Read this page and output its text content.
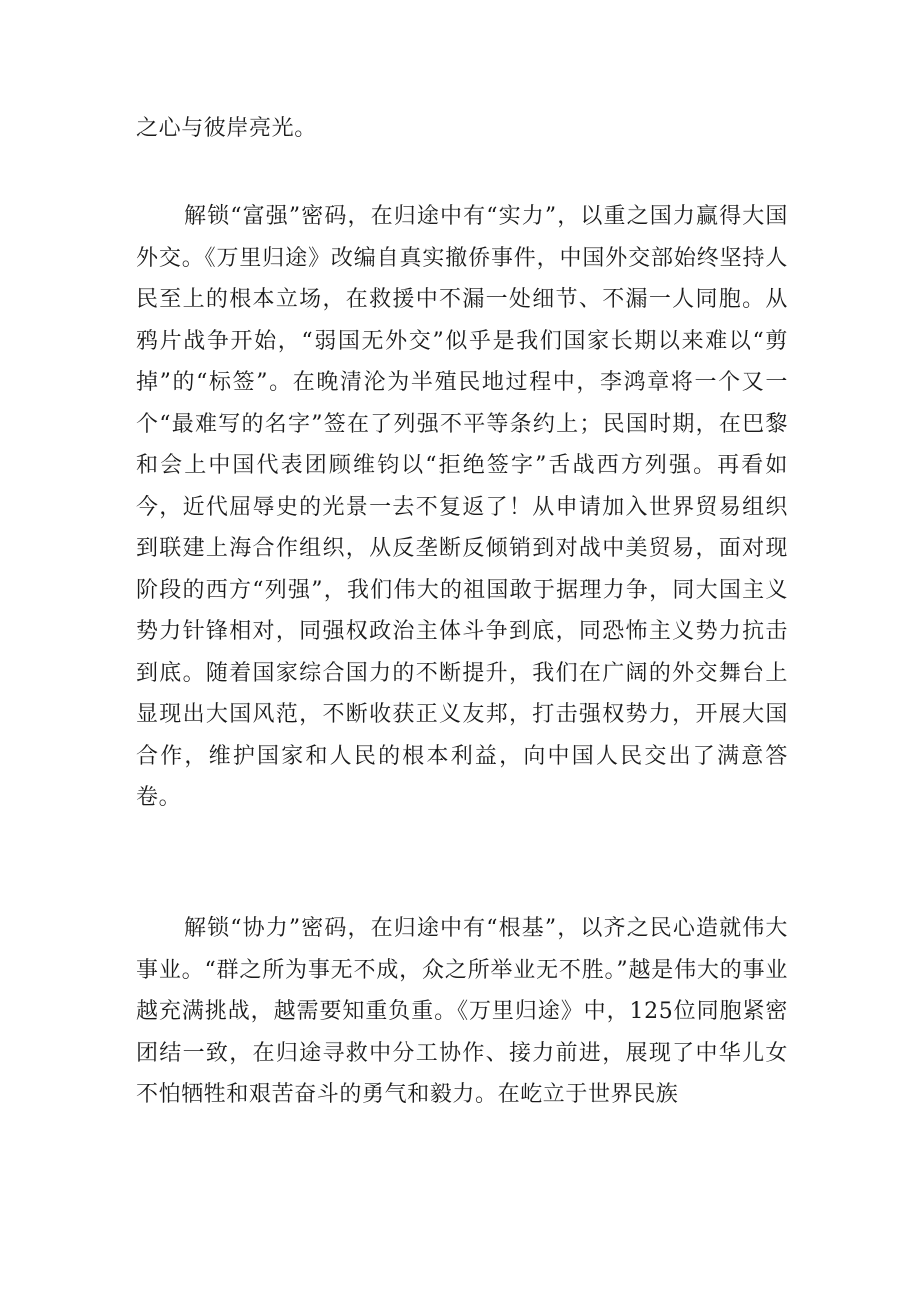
之心与彼岸亮光。

解锁“富强”密码，在归途中有“实力”，以重之国力赢得大国外交。《万里归途》改编自真实撤侨事件，中国外交部始终坚持人民至上的根本立场，在救援中不漏一处细节、不漏一人同胞。从鸦片战争开始，“弱国无外交”似乎是我们国家长期以来难以“剪掉”的“标签”。在晚清沦为半殖民地过程中，李鸿章将一个又一个“最难写的名字”签在了列强不平等条约上；民国时期，在巴黎和会上中国代表团顾维钧以“拒绝签字”舌战西方列强。再看如今，近代屈辱史的光景一去不复返了！从申请加入世界贸易组织到联建上海合作组织，从反垄断反倾销到对战中美贸易，面对现阶段的西方“列强”，我们伟大的祖国敢于据理力争，同大国主义势力针锋相对，同强权政治主体斗争到底，同恐怖主义势力抗击到底。随着国家综合国力的不断提升，我们在广阔的外交舞台上显现出大国风范，不断收获正义友邦，打击强权势力，开展大国合作，维护国家和人民的根本利益，向中国人民交出了满意答卷。

解锁“协力”密码，在归途中有“根基”，以齐之民心造就伟大事业。“群之所为事无不成，众之所举业无不胜。”越是伟大的事业越充满挑战，越需要知重负重。《万里归途》中，125位同胞紧密团结一致，在归途寻救中分工协作、接力前进，展现了中华儿女不怕牺牲和艰苦奋斗的勇气和毅力。在屹立于世界民族
